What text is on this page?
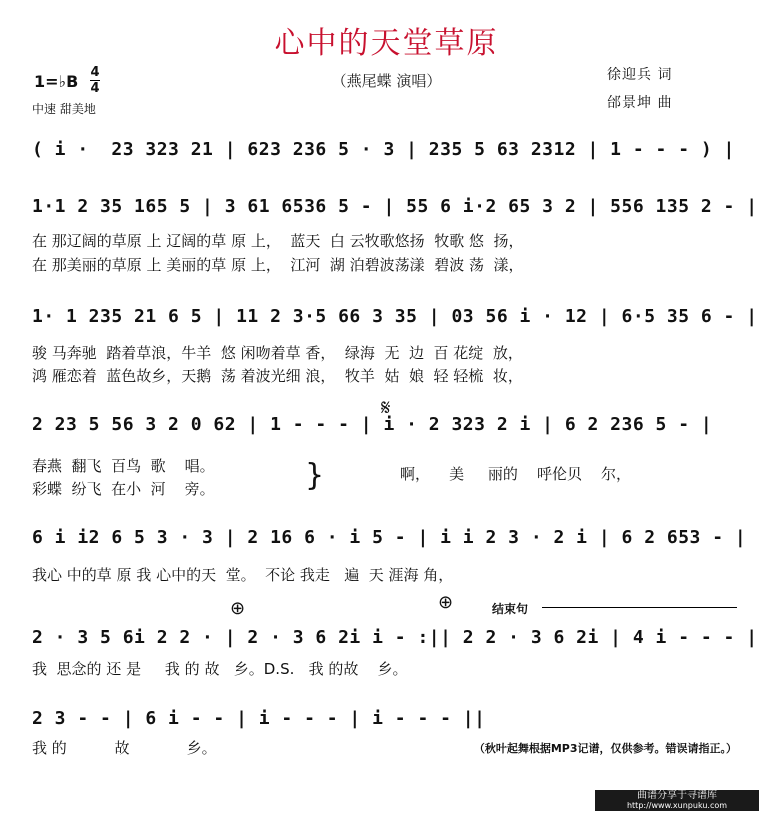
心中的天堂草原
（燕尾蝶 演唱）
1=♭B 4
4
中速 甜美地
徐迎兵 词
邰景坤 曲
( i ·  23 323 21 | 623 236 5 · 3 | 235 5 63 2312 | 1 - - - ) |
1·1 2 35 165 5 | 3 61 6536 5 - | 55 6 i·2 65 3 2 | 556 135 2 - |
在 那辽阔的草原 上 辽阔的草 原 上，  蓝天  白 云牧歌悠扬  牧歌 悠  扬，
在 那美丽的草原 上 美丽的草 原 上，  江河  湖 泊碧波荡漾  碧波 荡  漾，
1· 1 235 21 6 5 | 11 2 3·5 66 3 35 | 03 56 i · 12 | 6·5 35 6 - |
骏 马奔驰  踏着草浪，牛羊  悠 闲吻着草 香，  绿海  无  边  百 花绽  放，
鸿 雁恋着  蓝色故乡，天鹅  荡 着波光细 浪，  牧羊  姑  娘  轻 轻梳  妆，
𝄋
2 23 5 56 3 2 0 62 | 1 - - - | i · 2 323 2 i | 6 2 236 5 - |
春燕  翻飞  百鸟  歌    唱。
彩蝶  纷飞  在小  河    旁。	}	啊，    美     丽的    呼伦贝    尔，
6 i i2 6 5 3 · 3 | 2 16 6 · i 5 - | i i 2 3 · 2 i | 6 2 653 - |
我心 中的草 原 我 心中的天  堂。  不论 我走   遍  天 涯海 角，
⊕	⊕	结束句
2 · 3 5 6i 2 2 · | 2 · 3 6 2i i - :|| 2 2 · 3 6 2i | 4 i - - - |
我  思念的 还 是     我 的 故   乡。D.S.   我 的故    乡。
2 3 - - | 6 i - - | i - - - | i - - - ||
我 的          故            乡。	（秋叶起舞根据MP3记谱，仅供参考。错误请指正。）
曲谱分享于寻谱库
http://www.xunpuku.com
